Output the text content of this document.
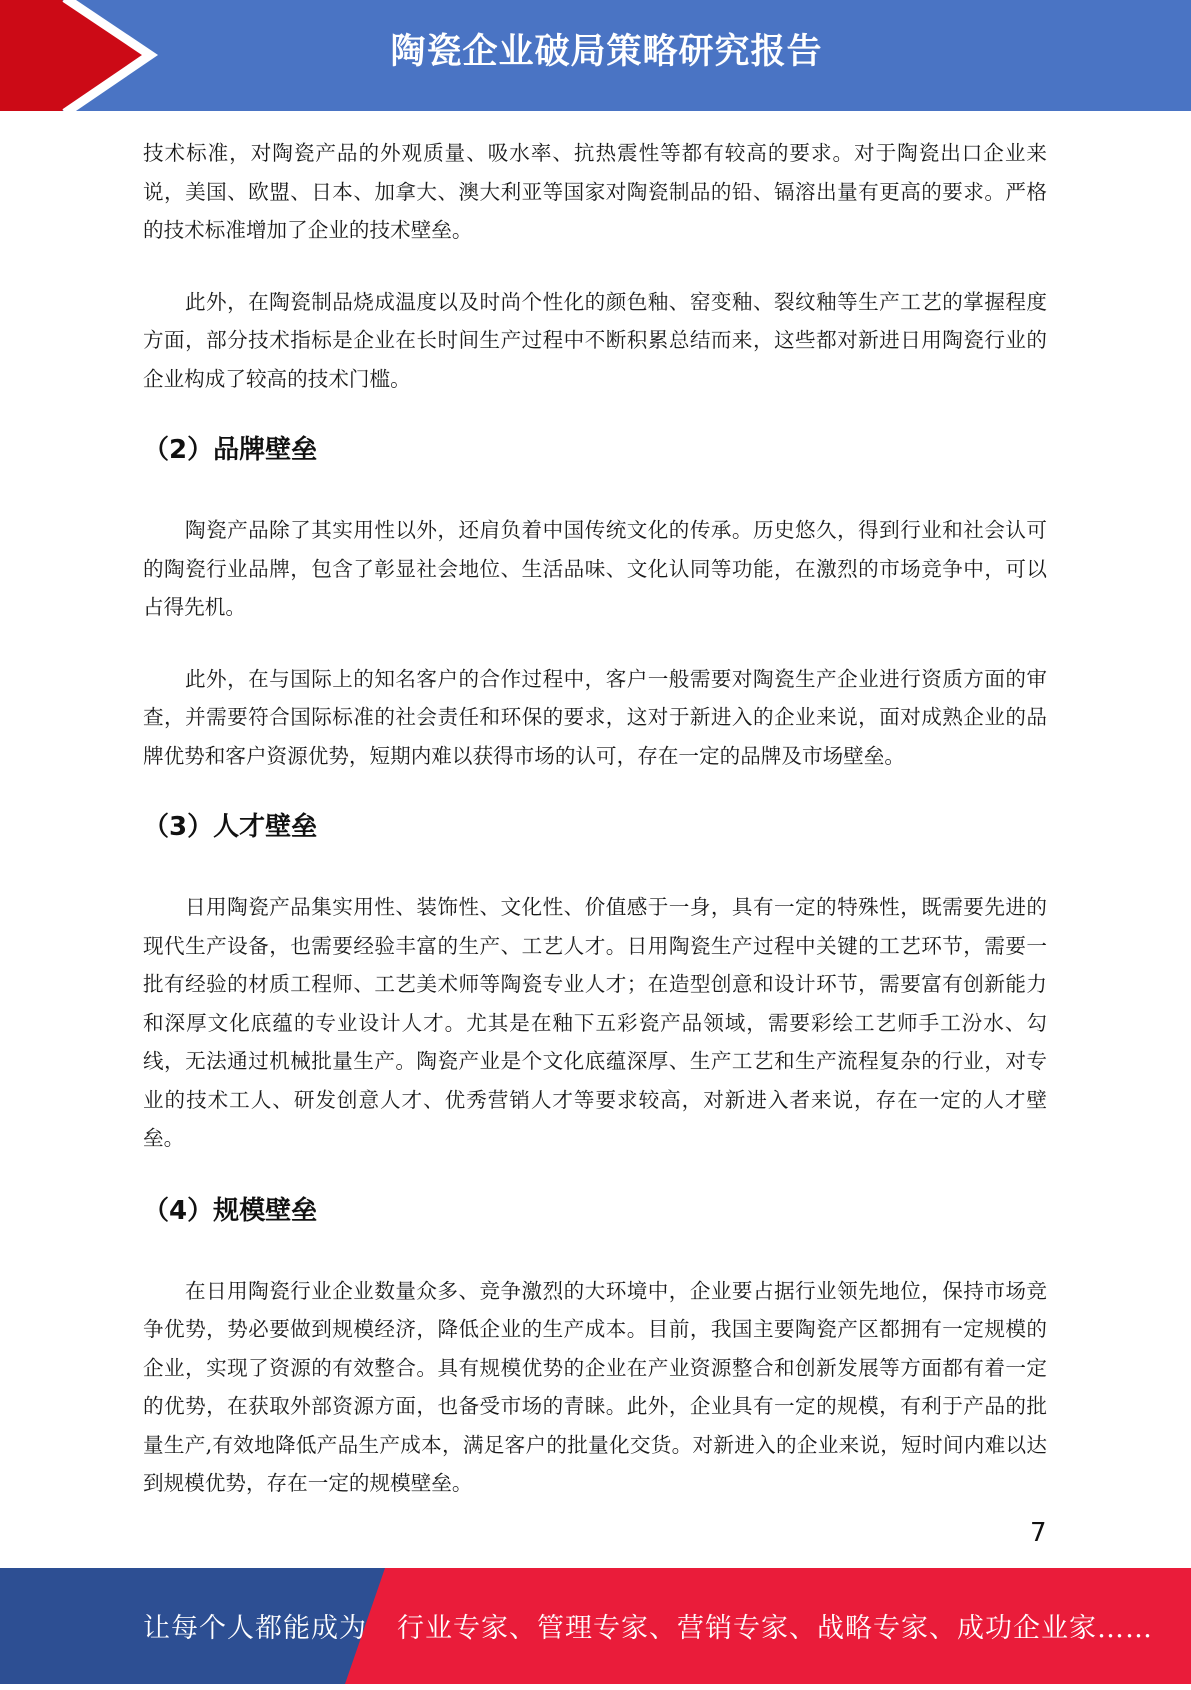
陶瓷企业破局策略研究报告

技术标准，对陶瓷产品的外观质量、吸水率、抗热震性等都有较高的要求。对于陶瓷出口企业来说，美国、欧盟、日本、加拿大、澳大利亚等国家对陶瓷制品的铅、镉溶出量有更高的要求。严格的技术标准增加了企业的技术壁垒。

此外，在陶瓷制品烧成温度以及时尚个性化的颜色釉、窑变釉、裂纹釉等生产工艺的掌握程度方面，部分技术指标是企业在长时间生产过程中不断积累总结而来，这些都对新进日用陶瓷行业的企业构成了较高的技术门槛。

（2）品牌壁垒

陶瓷产品除了其实用性以外，还肩负着中国传统文化的传承。历史悠久，得到行业和社会认可的陶瓷行业品牌，包含了彰显社会地位、生活品味、文化认同等功能，在激烈的市场竞争中，可以占得先机。

此外，在与国际上的知名客户的合作过程中，客户一般需要对陶瓷生产企业进行资质方面的审查，并需要符合国际标准的社会责任和环保的要求，这对于新进入的企业来说，面对成熟企业的品牌优势和客户资源优势，短期内难以获得市场的认可，存在一定的品牌及市场壁垒。

（3）人才壁垒

日用陶瓷产品集实用性、装饰性、文化性、价值感于一身，具有一定的特殊性，既需要先进的现代生产设备，也需要经验丰富的生产、工艺人才。日用陶瓷生产过程中关键的工艺环节，需要一批有经验的材质工程师、工艺美术师等陶瓷专业人才；在造型创意和设计环节，需要富有创新能力和深厚文化底蕴的专业设计人才。尤其是在釉下五彩瓷产品领域，需要彩绘工艺师手工汾水、勾线，无法通过机械批量生产。陶瓷产业是个文化底蕴深厚、生产工艺和生产流程复杂的行业，对专业的技术工人、研发创意人才、优秀营销人才等要求较高，对新进入者来说，存在一定的人才壁垒。

（4）规模壁垒

在日用陶瓷行业企业数量众多、竞争激烈的大环境中，企业要占据行业领先地位，保持市场竞争优势，势必要做到规模经济，降低企业的生产成本。目前，我国主要陶瓷产区都拥有一定规模的企业，实现了资源的有效整合。具有规模优势的企业在产业资源整合和创新发展等方面都有着一定的优势，在获取外部资源方面，也备受市场的青睐。此外，企业具有一定的规模，有利于产品的批量生产,有效地降低产品生产成本，满足客户的批量化交货。对新进入的企业来说，短时间内难以达到规模优势，存在一定的规模壁垒。

7
让每个人都能成为 行业专家、管理专家、营销专家、战略专家、成功企业家……
